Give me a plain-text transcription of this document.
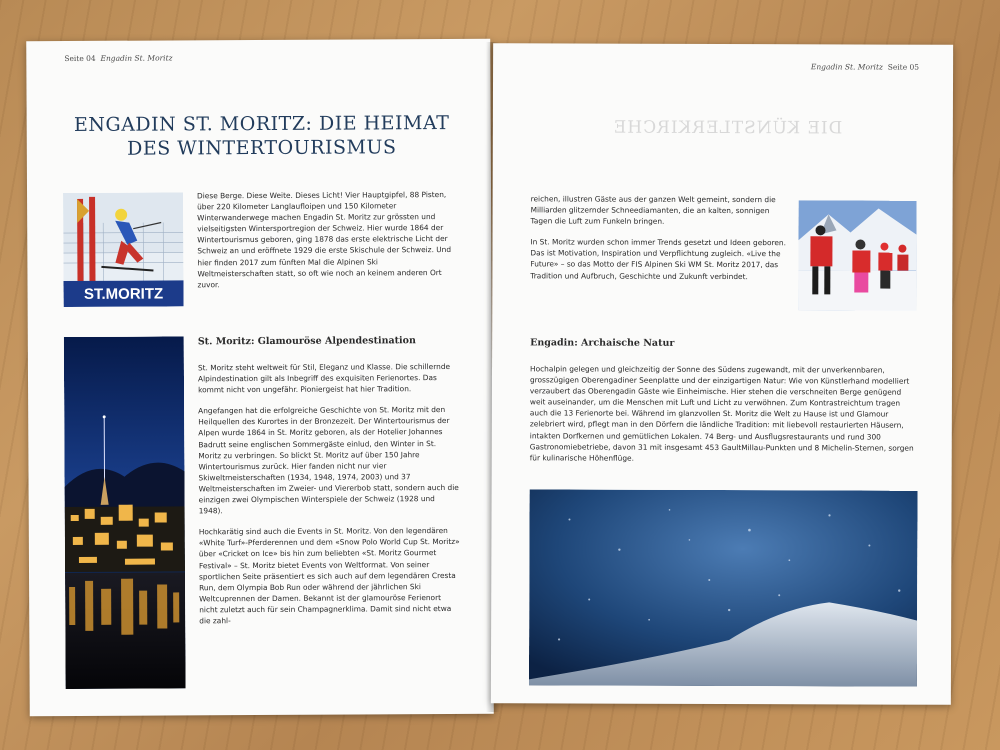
Seite 04 Engadin St. Moritz
ENGADIN ST. MORITZ: DIE HEIMAT DES WINTERTOURISMUS
ST.MORITZ

Diese Berge. Diese Weite. Dieses Licht! Vier Hauptgipfel, 88 Pisten, über 220 Kilometer Langlaufloipen und 150 Kilometer Winterwanderwege machen Engadin St. Moritz zur grössten und vielseitigsten Wintersportregion der Schweiz. Hier wurde 1864 der Wintertourismus geboren, ging 1878 das erste elektrische Licht der Schweiz an und eröffnete 1929 die erste Skischule der Schweiz. Und hier finden 2017 zum fünften Mal die Alpinen Ski Weltmeisterschaften statt, so oft wie noch an keinem anderen Ort zuvor.

St. Moritz: Glamouröse Alpendestination

St. Moritz steht weltweit für Stil, Eleganz und Klasse. Die schillernde Alpindestination gilt als Inbegriff des exquisiten Ferienortes. Das kommt nicht von ungefähr. Pioniergeist hat hier Tradition.

Angefangen hat die erfolgreiche Geschichte von St. Moritz mit den Heilquellen des Kurortes in der Bronzezeit. Der Wintertourismus der Alpen wurde 1864 in St. Moritz geboren, als der Hotelier Johannes Badrutt seine englischen Sommergäste einlud, den Winter in St. Moritz zu verbringen. So blickt St. Moritz auf über 150 Jahre Wintertourismus zurück. Hier fanden nicht nur vier Skiweltmeisterschaften (1934, 1948, 1974, 2003) und 37 Weltmeisterschaften im Zweier- und Viererbob statt, sondern auch die einzigen zwei Olympischen Winterspiele der Schweiz (1928 und 1948).

Hochkarätig sind auch die Events in St. Moritz. Von den legendären «White Turf»-Pferderennen und dem «Snow Polo World Cup St. Moritz» über «Cricket on Ice» bis hin zum beliebten «St. Moritz Gourmet Festival» – St. Moritz bietet Events von Weltformat. Von seiner sportlichen Seite präsentiert es sich auch auf dem legendären Cresta Run, dem Olympia Bob Run oder während der jährlichen Ski Weltcuprennen der Damen. Bekannt ist der glamouröse Ferienort nicht zuletzt auch für sein Champagnerklima. Damit sind nicht etwa die zahl-

Engadin St. Moritz Seite 05
DIE KÜNSTLERKIRCHE

reichen, illustren Gäste aus der ganzen Welt gemeint, sondern die Milliarden glitzernder Schneediamanten, die an kalten, sonnigen Tagen die Luft zum Funkeln bringen.

In St. Moritz wurden schon immer Trends gesetzt und Ideen geboren. Das ist Motivation, Inspiration und Verpflichtung zugleich. «Live the Future» – so das Motto der FIS Alpinen Ski WM St. Moritz 2017, das Tradition und Aufbruch, Geschichte und Zukunft verbindet.

Engadin: Archaische Natur

Hochalpin gelegen und gleichzeitig der Sonne des Südens zugewandt, mit der unverkennbaren, grosszügigen Oberengadiner Seenplatte und der einzigartigen Natur: Wie von Künstlerhand modelliert verzaubert das Oberengadin Gäste wie Einheimische. Hier stehen die verschneiten Berge genügend weit auseinander, um die Menschen mit Luft und Licht zu verwöhnen. Zum Kontrastreichtum tragen auch die 13 Ferienorte bei. Während im glanzvollen St. Moritz die Welt zu Hause ist und Glamour zelebriert wird, pflegt man in den Dörfern die ländliche Tradition: mit liebevoll restaurierten Häusern, intakten Dorfkernen und gemütlichen Lokalen. 74 Berg- und Ausflugsrestaurants und rund 300 Gastronomiebetriebe, davon 31 mit insgesamt 453 GaultMillau-Punkten und 8 Michelin-Sternen, sorgen für kulinarische Höhenflüge.
